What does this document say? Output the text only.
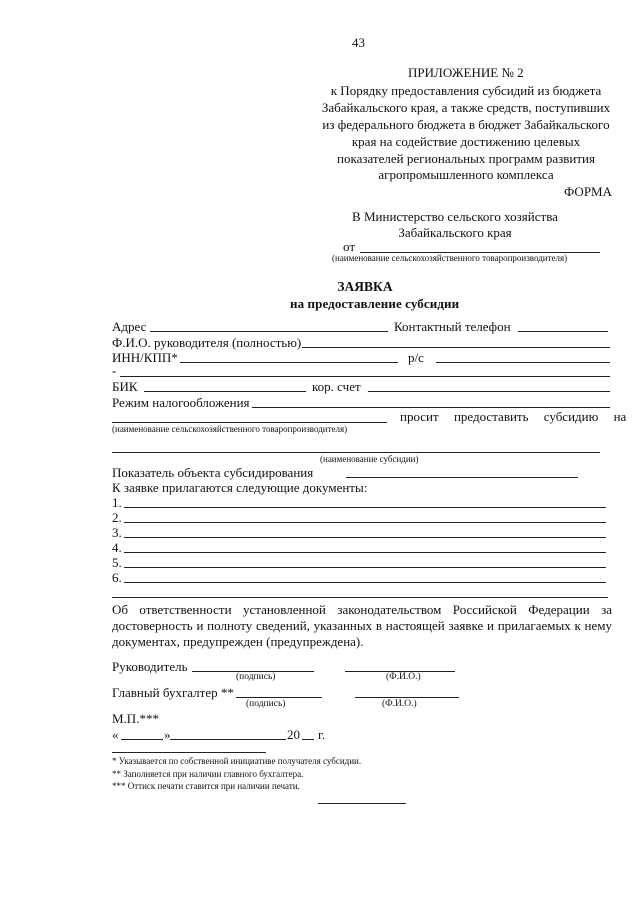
43
ПРИЛОЖЕНИЕ № 2
к Порядку предоставления субсидий из бюджета
Забайкальского края, а также средств, поступивших
из федерального бюджета в бюджет Забайкальского
края на содействие достижению целевых
показателей региональных программ развития
агропромышленного комплекса
ФОРМА
В Министерство сельского хозяйства
Забайкальского края
от
(наименование сельскохозяйственного товаропроизводителя)
ЗАЯВКА
на предоставление субсидии
Адрес	Контактный телефон
Ф.И.О. руководителя (полностью)
ИНН/КПП*	р/с
-
БИК	кор. счет
Режим налогообложения
просит предоставить субсидию на
(наименование сельскохозяйственного товаропроизводителя)
(наименование субсидии)
Показатель объекта субсидирования
К заявке прилагаются следующие документы:
1.
2.
3.
4.
5.
6.
Об ответственности установленной законодательством Российской Федерации за достоверность и полноту сведений, указанных в настоящей заявке и прилагаемых к нему документах, предупрежден (предупреждена).
Руководитель
(подпись)	(Ф.И.О.)
Главный бухгалтер **
(подпись)	(Ф.И.О.)
М.П.***
«	»	20 г.
* Указывается по собственной инициативе получателя субсидии.
** Заполняется при наличии главного бухгалтера.
*** Оттиск печати ставится при наличии печати.
